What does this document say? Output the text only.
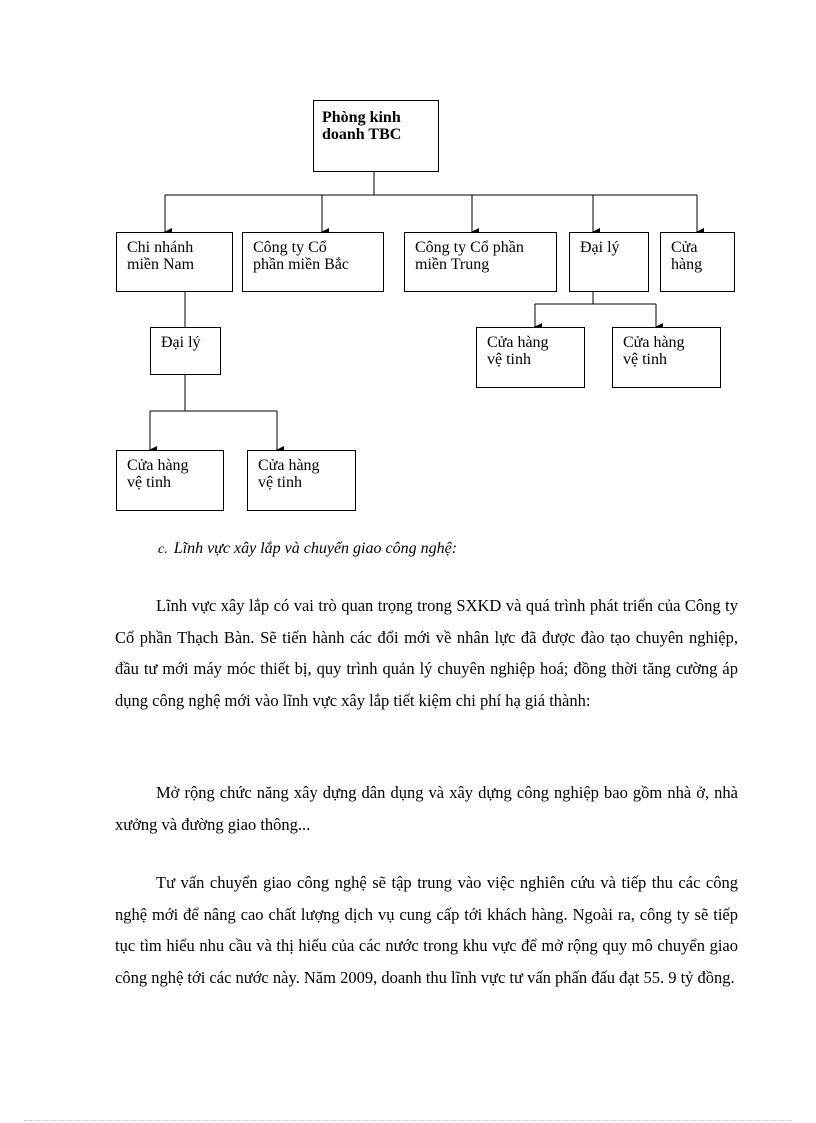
Phòng kinh
doanh TBC
Chi nhánh
miền Nam
Công ty Cổ
phần miền Bắc
Công ty Cổ phần
miền Trung
Đại lý	Cửa
hàng
Đại lý	Cửa hàng
vệ tinh
Cửa hàng
vệ tinh
Cửa hàng
vệ tinh
Cửa hàng
vệ tinh
c. Lĩnh vực xây lắp và chuyển giao công nghệ:

Lĩnh vực xây lắp có vai trò quan trọng trong SXKD và quá trình phát triển của Công ty Cổ phần Thạch Bàn. Sẽ tiến hành các đổi mới về nhân lực đã được đào tạo chuyên nghiệp, đầu tư mới máy móc thiết bị, quy trình quản lý chuyên nghiệp hoá; đồng thời tăng cường áp dụng công nghệ mới vào lĩnh vực xây lắp tiết kiệm chi phí hạ giá thành:

Mở rộng chức năng xây dựng dân dụng và xây dựng công nghiệp bao gồm nhà ở, nhà xưởng và đường giao thông...

Tư vấn chuyển giao công nghệ sẽ tập trung vào việc nghiên cứu và tiếp thu các công nghệ mới để nâng cao chất lượng dịch vụ cung cấp tới khách hàng. Ngoài ra, công ty sẽ tiếp tục tìm hiểu nhu cầu và thị hiếu của các nước trong khu vực để mở rộng quy mô chuyển giao công nghệ tới các nước này. Năm 2009, doanh thu lĩnh vực tư vấn phấn đấu đạt 55. 9 tỷ đồng.
